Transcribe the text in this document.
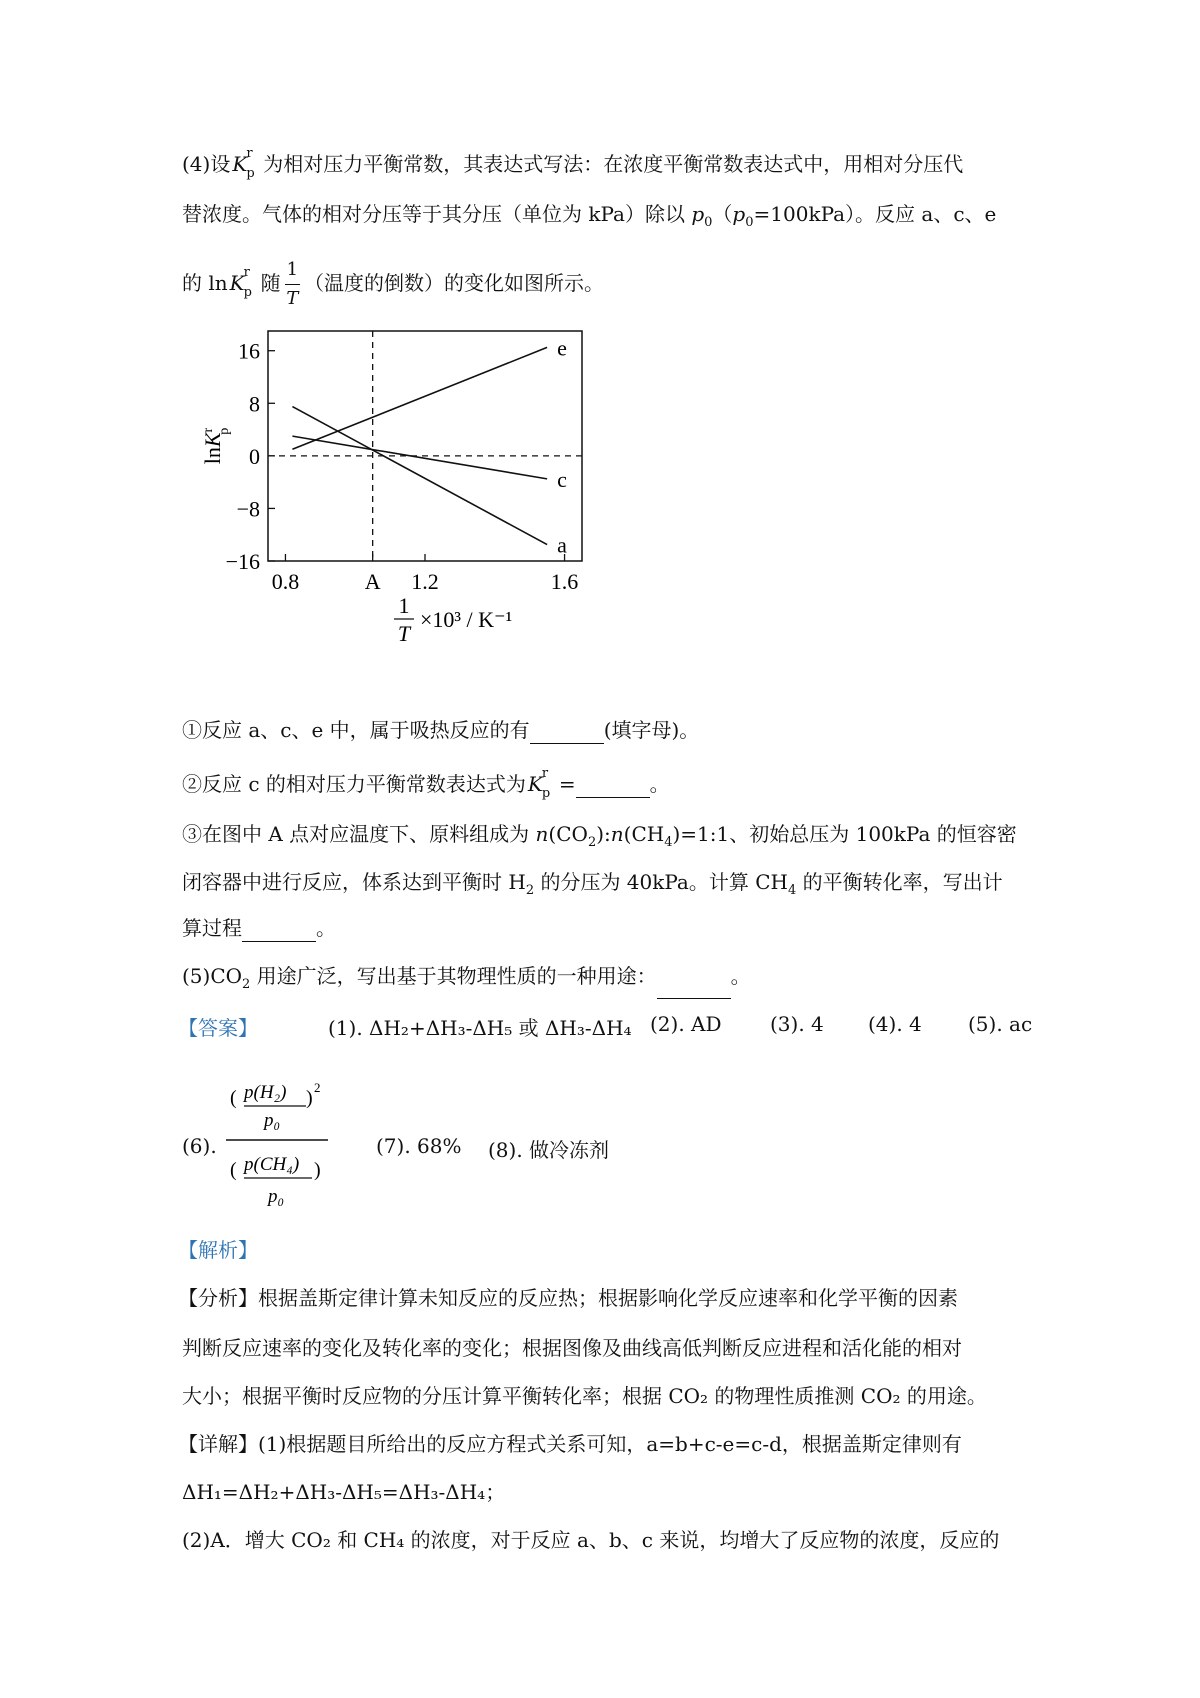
(4)设 K r
p 为相对压力平衡常数，其表达式写法：在浓度平衡常数表达式中，用相对分压代
替浓度。气体的相对分压等于其分压（单位为 kPa）除以 $p_0(p_0=100kPa)$。反应 a、c、e
的 ln K r
p 随 $\frac{1}{T}$ （温度的倒数）的变化如图所示。
16
8
0
−8
−16
0.8	A 1.2	1.6
e
c
a
lnK$^r$p
1
T
×10³ / K⁻¹
①反应 a、c、e 中，属于吸热反应的有	(填字母)。
②反应 c 的相对压力平衡常数表达式为 K r
p =	。
③在图中 A 点对应温度下、原料组成为 $n(CO_2):n(CH_4)=1:1$、初始总压为 100kPa 的恒容密
闭容器中进行反应，体系达到平衡时 $H_2$ 的分压为 40kPa。计算 $CH_4$ 的平衡转化率，写出计
算过程	。
$(5)CO_2$ 用途广泛，写出基于其物理性质的一种用途：	。
【答案】	(1). ΔH₂+ΔH₃-ΔH₅ 或 ΔH₃-ΔH₄ (2). AD (3). 4 (4). 4 (5). ac
(6).
( p(H₂)
p₀
) 2
( p(CH₄)
p₀
)
(7). 68% (8). 做冷冻剂
【解析】
【分析】根据盖斯定律计算未知反应的反应热；根据影响化学反应速率和化学平衡的因素
判断反应速率的变化及转化率的变化；根据图像及曲线高低判断反应进程和活化能的相对
大小；根据平衡时反应物的分压计算平衡转化率；根据 CO₂ 的物理性质推测 CO₂ 的用途。
【详解】(1)根据题目所给出的反应方程式关系可知，a=b+c-e=c-d，根据盖斯定律则有
ΔH₁=ΔH₂+ΔH₃-ΔH₅=ΔH₃-ΔH₄；
(2)A．增大 CO₂ 和 CH₄ 的浓度，对于反应 a、b、c 来说，均增大了反应物的浓度，反应的
